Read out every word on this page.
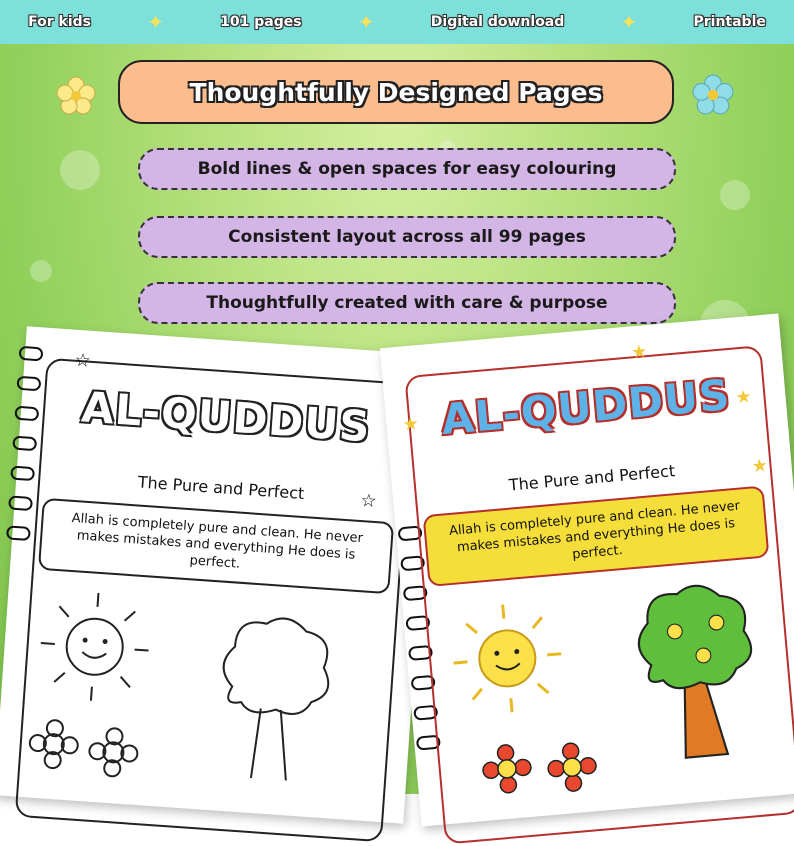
For kids	✦	101 pages	✦	Digital download	✦	Printable
Thoughtfully Designed Pages
Bold lines & open spaces for easy colouring
Consistent layout across all 99 pages
Thoughtfully created with care & purpose
☆
☆
AL-QUDDUS
The Pure and Perfect
Allah is completely pure and clean. He never makes mistakes and everything He does is perfect.
★
★
★
★
AL-QUDDUS
The Pure and Perfect
Allah is completely pure and clean. He never makes mistakes and everything He does is perfect.
